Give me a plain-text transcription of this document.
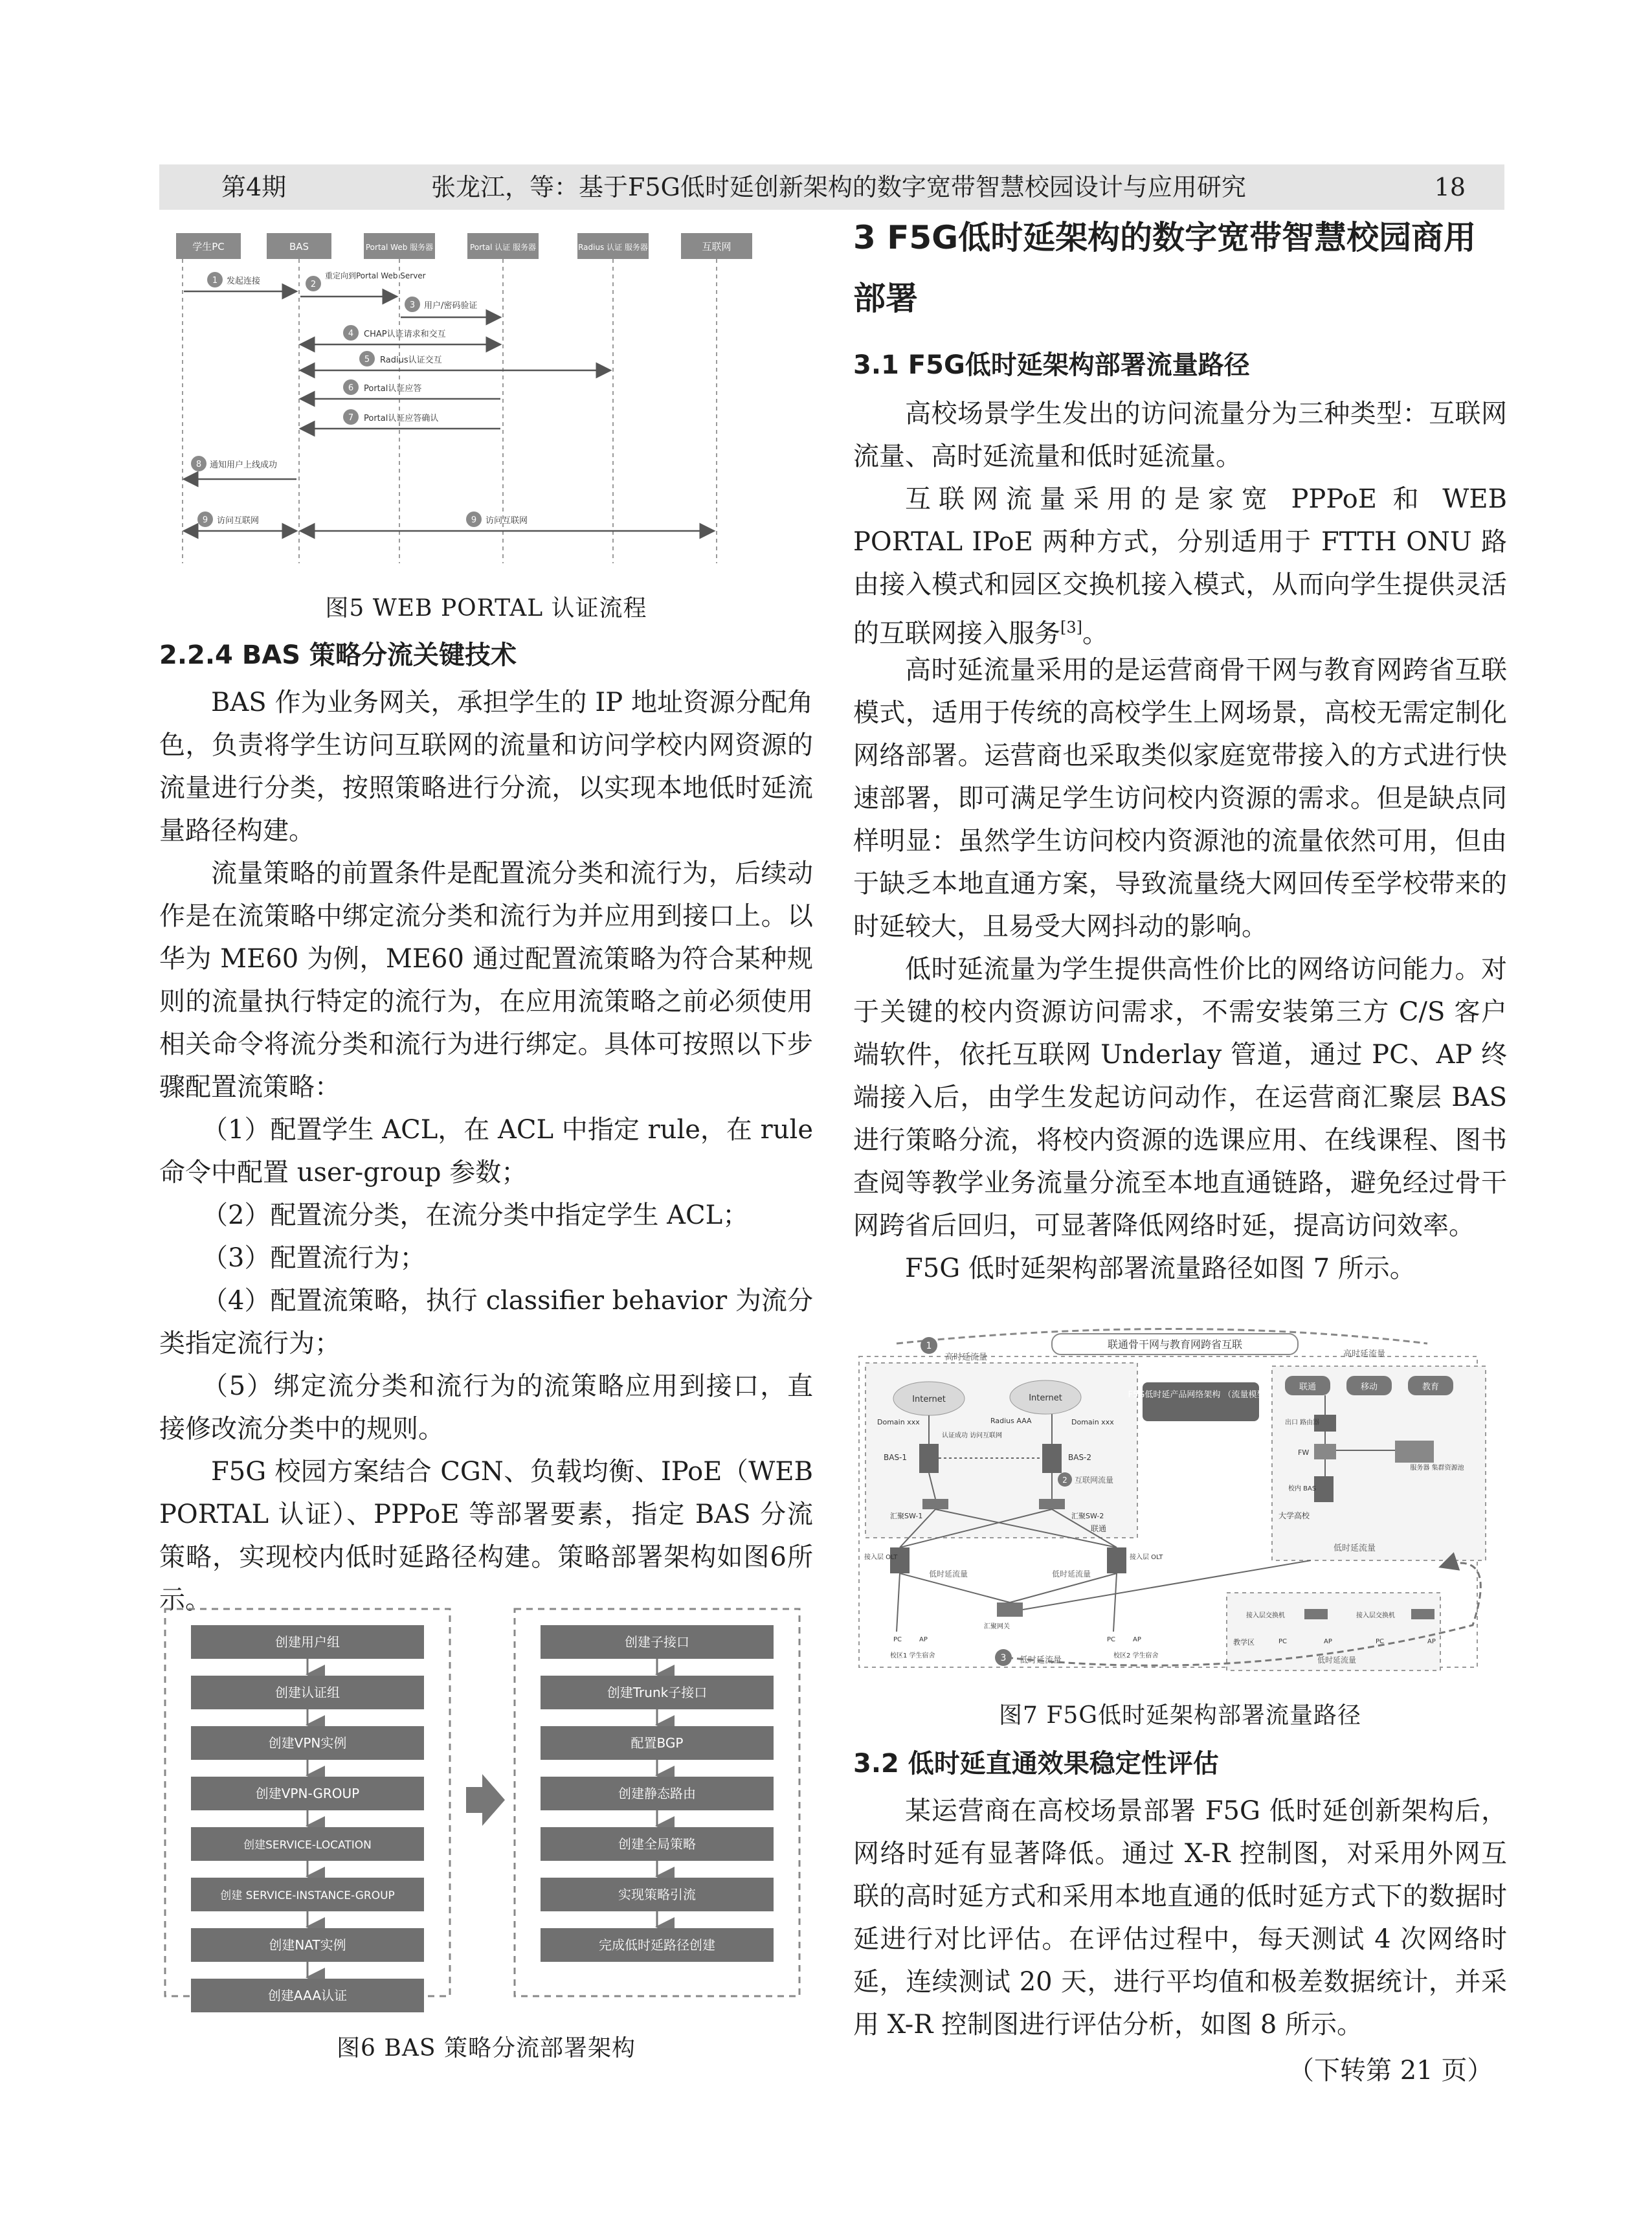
第4期	张龙江，等：基于F5G低时延创新架构的数字宽带智慧校园设计与应用研究	18
学生PC	BAS	Portal Web 服务器	Portal 认证 服务器	Radius 认证 服务器	互联网
1 发起连接	2
重定向到Portal Web Server
3 用户/密码验证
4 CHAP认证请求和交互
5 Radius认证交互
6 Portal认证应答
7 Portal认证应答确认
8 通知用户上线成功
9 访问互联网	9 访问互联网
图5 WEB PORTAL 认证流程
2.2.4 BAS 策略分流关键技术

BAS 作为业务网关，承担学生的 IP 地址资源分配角色，负责将学生访问互联网的流量和访问学校内网资源的流量进行分类，按照策略进行分流，以实现本地低时延流量路径构建。

流量策略的前置条件是配置流分类和流行为，后续动作是在流策略中绑定流分类和流行为并应用到接口上。以华为 ME60 为例，ME60 通过配置流策略为符合某种规则的流量执行特定的流行为，在应用流策略之前必须使用相关命令将流分类和流行为进行绑定。具体可按照以下步骤配置流策略：

（1）配置学生 ACL，在 ACL 中指定 rule，在 rule 命令中配置 user-group 参数；

（2）配置流分类，在流分类中指定学生 ACL；

（3）配置流行为；

（4）配置流策略，执行 classifier behavior 为流分类指定流行为；

（5）绑定流分类和流行为的流策略应用到接口，直接修改流分类中的规则。

F5G 校园方案结合 CGN、负载均衡、IPoE（WEB PORTAL 认证）、PPPoE 等部署要素，指定 BAS 分流策略，实现校内低时延路径构建。策略部署架构如图6所示。

创建用户组
创建认证组
创建VPN实例
创建VPN-GROUP
创建SERVICE-LOCATION
创建 SERVICE-INSTANCE-GROUP
创建NAT实例
创建AAA认证
创建子接口
创建Trunk子接口
配置BGP
创建静态路由
创建全局策略
实现策略引流
完成低时延路径创建
图6 BAS 策略分流部署架构
3 F5G低时延架构的数字宽带智慧校园商用部署
3.1 F5G低时延架构部署流量路径

高校场景学生发出的访问流量分为三种类型：互联网流量、高时延流量和低时延流量。

互联网流量采用的是家宽 PPPoE 和 WEB PORTAL IPoE 两种方式，分别适用于 FTTH ONU 路由接入模式和园区交换机接入模式，从而向学生提供灵活的互联网接入服务[3]。

高时延流量采用的是运营商骨干网与教育网跨省互联模式，适用于传统的高校学生上网场景，高校无需定制化网络部署。运营商也采取类似家庭宽带接入的方式进行快速部署，即可满足学生访问校内资源的需求。但是缺点同样明显：虽然学生访问校内资源池的流量依然可用，但由于缺乏本地直通方案，导致流量绕大网回传至学校带来的时延较大，且易受大网抖动的影响。

低时延流量为学生提供高性价比的网络访问能力。对于关键的校内资源访问需求，不需安装第三方 C/S 客户端软件，依托互联网 Underlay 管道，通过 PC、AP 终端接入后，由学生发起访问动作，在运营商汇聚层 BAS 进行策略分流，将校内资源的选课应用、在线课程、图书查阅等教学业务流量分流至本地直通链路，避免经过骨干网跨省后回归，可显著降低网络时延，提高访问效率。

F5G 低时延架构部署流量路径如图 7 所示。

1	联通骨干网与教育网跨省互联
高时延流量	高时延流量
Internet	Internet
Domain xxx	Domain xxx
Radius AAA
认证成功 访问互联网
BAS-1	BAS-2
互联网流量
2
汇聚SW-1	汇聚SW-2
联通
F5G低时延产品网络架构 （流量模型）
联通	移动	教育
出口 路由器
FW
服务器 集群资源池
校内 BAS
大学高校
低时延流量
接入层 OLT	接入层 OLT
低时延流量	低时延流量
汇聚网关
PC	AP
校区1 学生宿舍
PC	AP
校区2 学生宿舍
3 低时延流量
接入层交换机	接入层交换机
教学区	PC	AP	PC	AP
低时延流量
图7 F5G低时延架构部署流量路径
3.2 低时延直通效果稳定性评估

某运营商在高校场景部署 F5G 低时延创新架构后，网络时延有显著降低。通过 X-R 控制图，对采用外网互联的高时延方式和采用本地直通的低时延方式下的数据时延进行对比评估。在评估过程中，每天测试 4 次网络时延，连续测试 20 天，进行平均值和极差数据统计，并采用 X-R 控制图进行评估分析，如图 8 所示。

（下转第 21 页）
